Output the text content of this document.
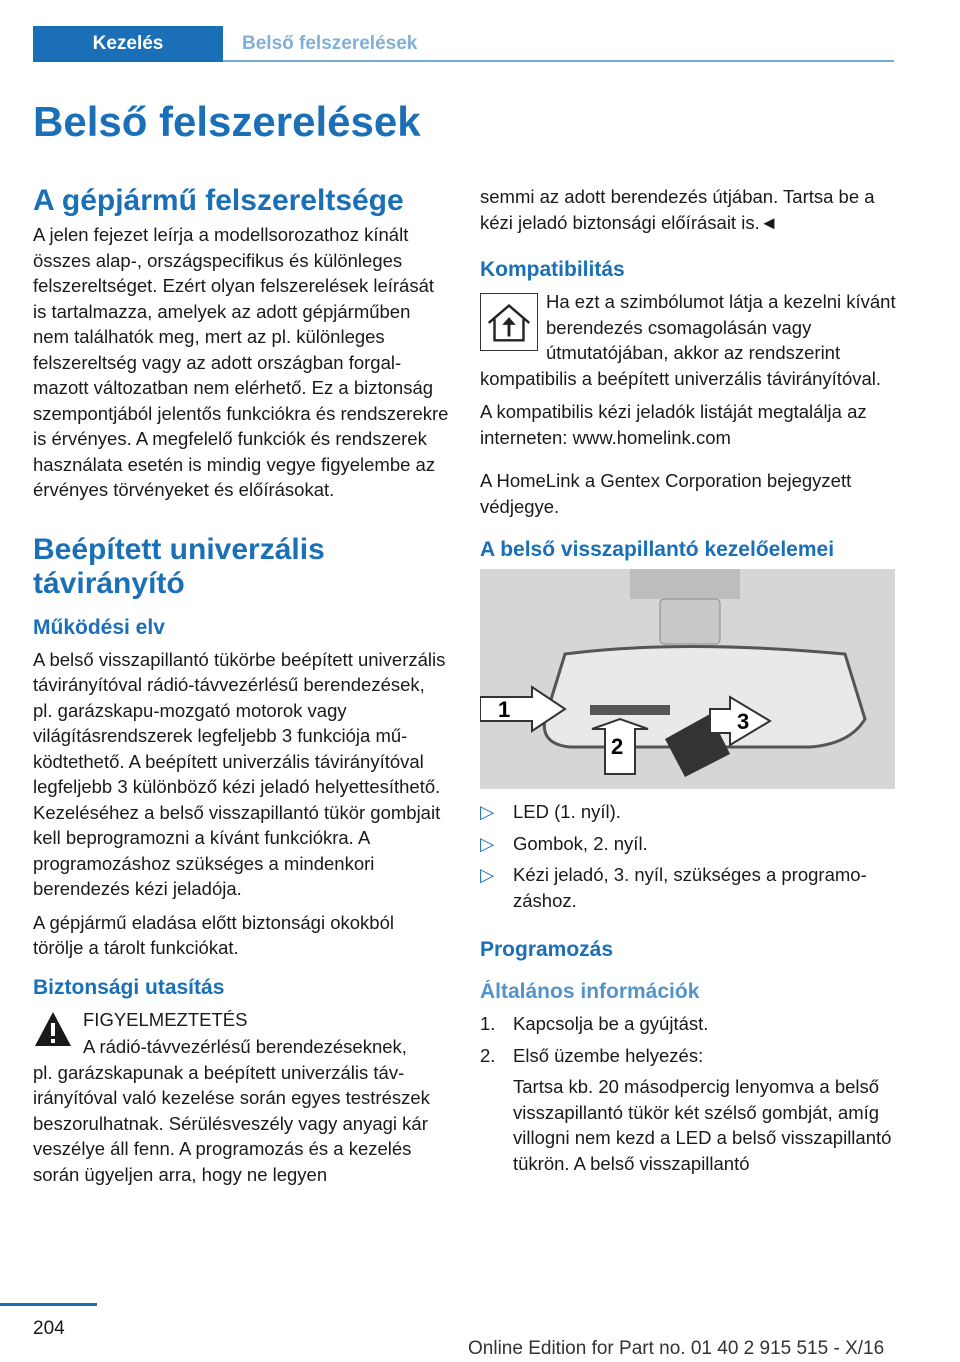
Kezelés	Belső felszerelések
Belső felszerelések
A gépjármű felszereltsége

A jelen fejezet leírja a modellsorozathoz kínált összes alap-, országspecifikus és különleges felszereltséget. Ezért olyan felszerelések leírását is tartalmazza, amelyek az adott gépjárműben nem találhatók meg, mert az pl. különleges felszereltség vagy az adott országban forgalmazott változatban nem elérhető. Ez a biztonság szempontjából jelentős funkciókra és rendszerekre is érvényes. A megfelelő funkciók és rendszerek használata esetén is mindig vegye figyelembe az érvényes törvényeket és előírásokat.

Beépített univerzális távirányító
Működési elv

A belső visszapillantó tükörbe beépített univerzális távirányítóval rádió-távvezérlésű berendezések, pl. garázskapu-mozgató motorok vagy világításrendszerek legfeljebb 3 funkciója működtethető. A beépített univerzális távirányítóval legfeljebb 3 különböző kézi jeladó helyettesíthető. Kezeléséhez a belső visszapillantó tükör gombjait kell beprogramozni a kívánt funkciókra. A programozáshoz szükséges a mindenkori berendezés kézi jeladója.

A gépjármű eladása előtt biztonsági okokból törölje a tárolt funkciókat.

Biztonsági utasítás

FIGYELMEZTETÉS

A rádió-távvezérlésű berendezéseknek,

pl. garázskapunak a beépített univerzális távirányítóval való kezelése során egyes testrészek beszorulhatnak. Sérülésveszély vagy anyagi kár veszélye áll fenn. A programozás és a kezelés során ügyeljen arra, hogy ne legyen

semmi az adott berendezés útjában. Tartsa be a kézi jeladó biztonsági előírásait is.◄

Kompatibilitás

Ha ezt a szimbólumot látja a kezelni kívánt berendezés csomagolásán vagy útmutatójában, akkor az rendszerint

kompatibilis a beépített univerzális távirányítóval.

A kompatibilis kézi jeladók listáját megtalálja az interneten: www.homelink.com

A HomeLink a Gentex Corporation bejegyzett védjegye.

A belső visszapillantó kezelőelemei
1
2
3
▷	LED (1. nyíl).
▷	Gombok, 2. nyíl.
▷	Kézi jeladó, 3. nyíl, szükséges a programozáshoz.
Programozás
Általános információk
1. Kapcsolja be a gyújtást.
2. Első üzembe helyezés:

Tartsa kb. 20 másodpercig lenyomva a belső visszapillantó tükör két szélső gombját, amíg villogni nem kezd a LED a belső visszapillantó tükrön. A belső visszapillantó

204
Online Edition for Part no. 01 40 2 915 515 - X/16
